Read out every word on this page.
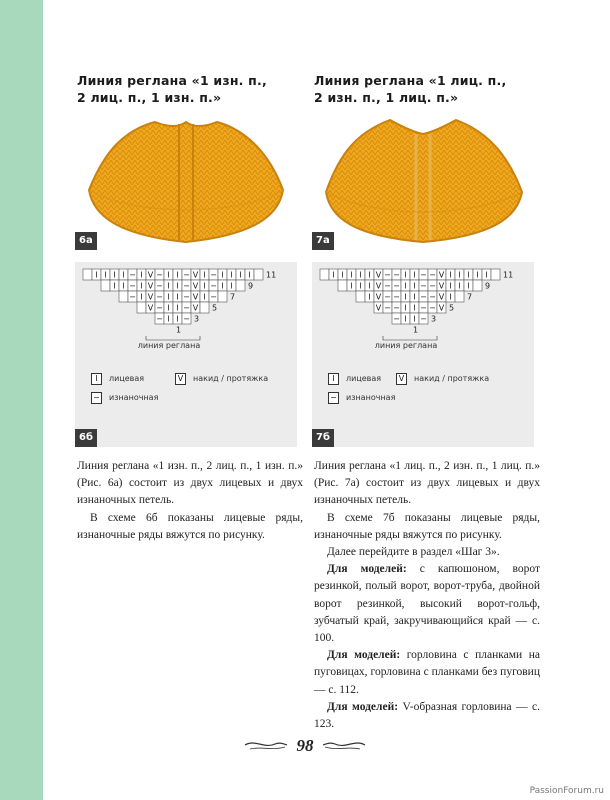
Линия реглана «1 изн. п.,
2 лиц. п., 1 изн. п.»
6а
I I I I − I V − I I − V I − I I I I 11
I I − I V − I I − V I − I I 9
− I V − I I − V I − 7
V − I I − V 5
− I I − 3
1
линия реглана
I	лицевая	V	накид / протяжка
− изнаночная
6б

Линия реглана «1 изн. п., 2 лиц. п., 1 изн. п.» (Рис. 6а) состоит из двух лицевых и двух изнаночных петель.

В схеме 6б показаны лицевые ряды, изнаночные ряды вяжутся по рисунку.

Линия реглана «1 лиц. п.,
2 изн. п., 1 лиц. п.»
7а
I I I I I V − − I I − − V I I I I I 11
I I I V − − I I − − V I I I 9
I V − − I I − − V I 7
V − − I I − − V 5
− I I − 3
1
линия реглана
I	лицевая	V	накид / протяжка
− изнаночная
7б

Линия реглана «1 лиц. п., 2 изн. п., 1 лиц. п.» (Рис. 7а) состоит из двух лицевых и двух изнаночных петель.

В схеме 7б показаны лицевые ряды, изнаночные ряды вяжутся по рисунку.

Далее перейдите в раздел «Шаг 3».

Для моделей: с капюшоном, ворот резинкой, полый ворот, ворот-труба, двойной ворот резинкой, высокий ворот-гольф, зубчатый край, закручивающийся край — с. 100.

Для моделей: горловина с планками на пуговицах, горловина с планками без пуговиц — с. 112.

Для моделей: V-образная горловина — с. 123.

98
PassionForum.ru
